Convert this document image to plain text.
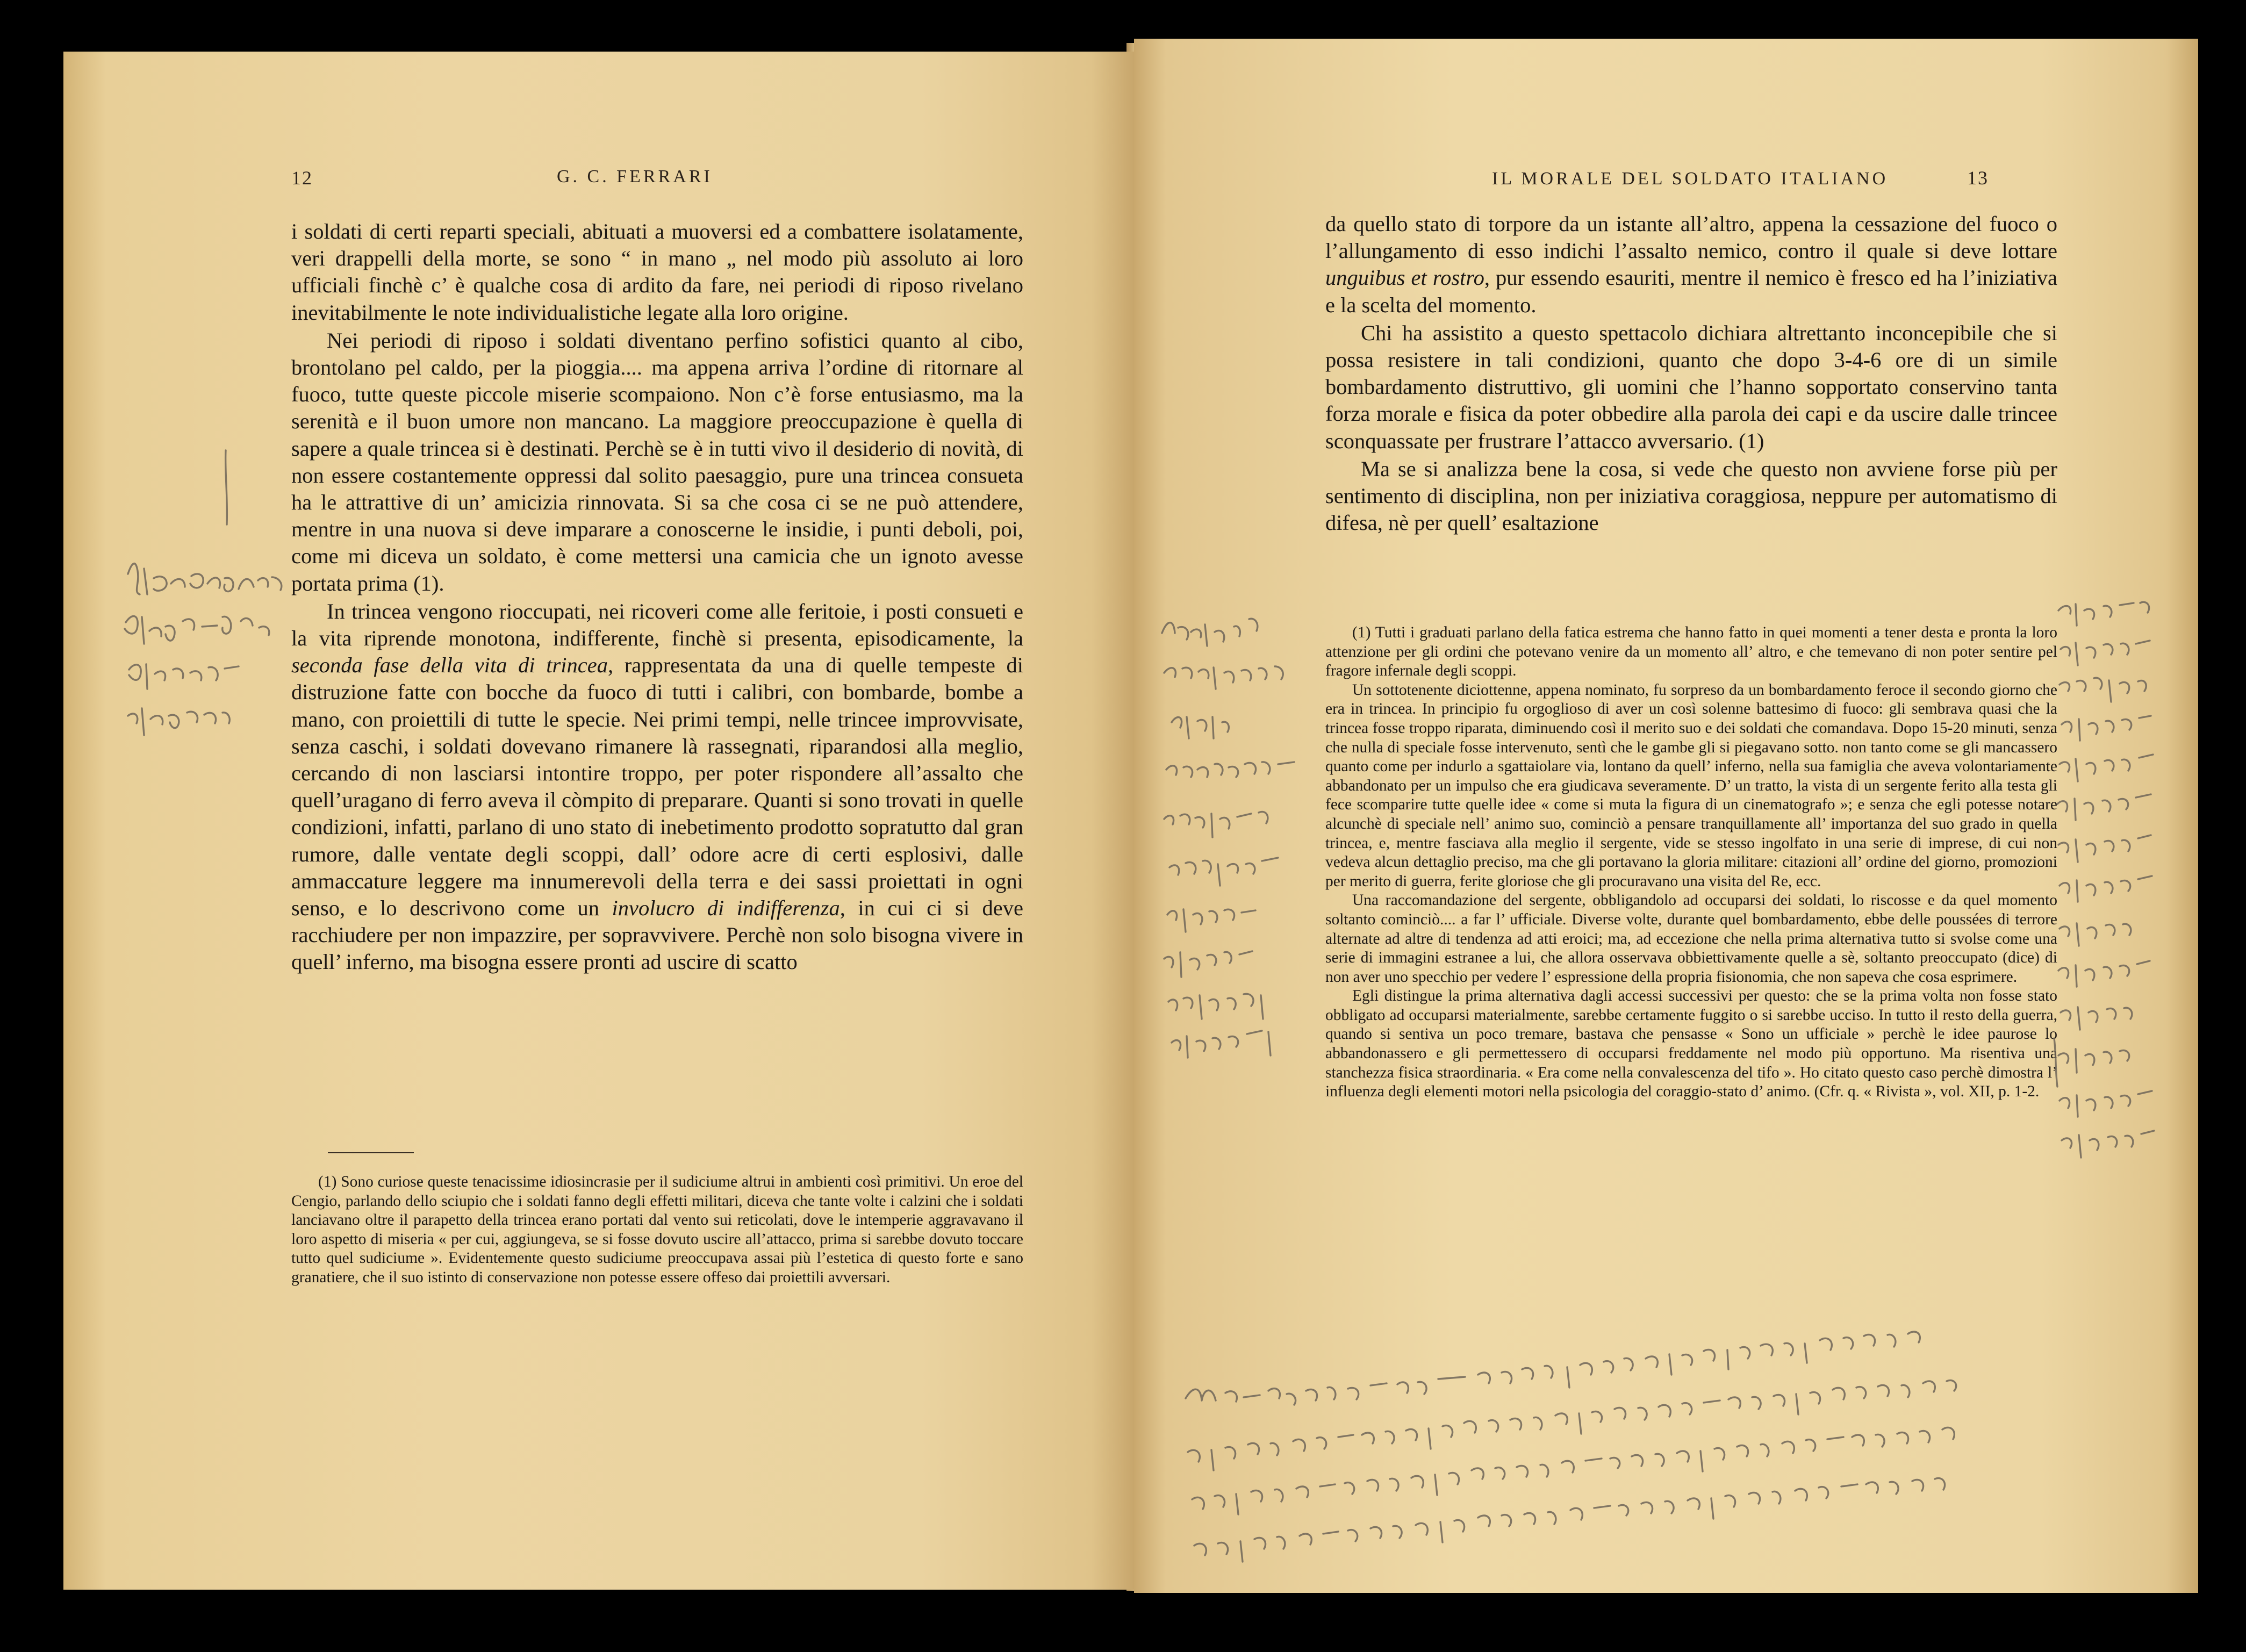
12	G. C. FERRARI

i soldati di certi reparti speciali, abituati a muoversi ed a combattere isolatamente, veri drappelli della morte, se sono “ in mano „ nel modo più assoluto ai loro ufficiali finchè c’ è qualche cosa di ardito da fare, nei periodi di riposo rivelano inevitabilmente le note individualistiche legate alla loro origine.

Nei periodi di riposo i soldati diventano perfino sofistici quanto al cibo, brontolano pel caldo, per la pioggia.... ma appena arriva l’ordine di ritornare al fuoco, tutte queste piccole miserie scompaiono. Non c’è forse entusiasmo, ma la serenità e il buon umore non mancano. La maggiore preoccupazione è quella di sapere a quale trincea si è destinati. Perchè se è in tutti vivo il desiderio di novità, di non essere costantemente oppressi dal solito paesaggio, pure una trincea consueta ha le attrattive di un’ amicizia rinnovata. Si sa che cosa ci se ne può attendere, mentre in una nuova si deve imparare a conoscerne le insidie, i punti deboli, poi, come mi diceva un soldato, è come mettersi una camicia che un ignoto avesse portata prima (1).

In trincea vengono rioccupati, nei ricoveri come alle feritoie, i posti consueti e la vita riprende monotona, indifferente, finchè si presenta, episodicamente, la seconda fase della vita di trincea, rappresentata da una di quelle tempeste di distruzione fatte con bocche da fuoco di tutti i calibri, con bombarde, bombe a mano, con proiettili di tutte le specie. Nei primi tempi, nelle trincee improvvisate, senza caschi, i soldati dovevano rimanere là rassegnati, riparandosi alla meglio, cercando di non lasciarsi intontire troppo, per poter rispondere all’assalto che quell’uragano di ferro aveva il còmpito di preparare. Quanti si sono trovati in quelle condizioni, infatti, parlano di uno stato di inebetimento prodotto sopratutto dal gran rumore, dalle ventate degli scoppi, dall’ odore acre di certi esplosivi, dalle ammaccature leggere ma innumerevoli della terra e dei sassi proiettati in ogni senso, e lo descrivono come un involucro di indifferenza, in cui ci si deve racchiudere per non impazzire, per sopravvivere. Perchè non solo bisogna vivere in quell’ inferno, ma bisogna essere pronti ad uscire di scatto

(1) Sono curiose queste tenacissime idiosincrasie per il sudiciume altrui in ambienti così primitivi. Un eroe del Cengio, parlando dello sciupio che i soldati fanno degli effetti militari, diceva che tante volte i calzini che i soldati lanciavano oltre il parapetto della trincea erano portati dal vento sui reticolati, dove le intemperie aggravavano il loro aspetto di miseria « per cui, aggiungeva, se si fosse dovuto uscire all’attacco, prima si sarebbe dovuto toccare tutto quel sudiciume ». Evidentemente questo sudiciume preoccupava assai più l’estetica di questo forte e sano granatiere, che il suo istinto di conservazione non potesse essere offeso dai proiettili avversari.

IL MORALE DEL SOLDATO ITALIANO	13

da quello stato di torpore da un istante all’altro, appena la cessazione del fuoco o l’allungamento di esso indichi l’assalto nemico, contro il quale si deve lottare unguibus et rostro, pur essendo esauriti, mentre il nemico è fresco ed ha l’iniziativa e la scelta del momento.

Chi ha assistito a questo spettacolo dichiara altrettanto inconcepibile che si possa resistere in tali condizioni, quanto che dopo 3-4-6 ore di un simile bombardamento distruttivo, gli uomini che l’hanno sopportato conservino tanta forza morale e fisica da poter obbedire alla parola dei capi e da uscire dalle trincee sconquassate per frustrare l’attacco avversario. (1)

Ma se si analizza bene la cosa, si vede che questo non avviene forse più per sentimento di disciplina, non per iniziativa coraggiosa, neppure per automatismo di difesa, nè per quell’ esaltazione

(1) Tutti i graduati parlano della fatica estrema che hanno fatto in quei momenti a tener desta e pronta la loro attenzione per gli ordini che potevano venire da un momento all’ altro, e che temevano di non poter sentire pel fragore infernale degli scoppi.

Un sottotenente diciottenne, appena nominato, fu sorpreso da un bombardamento feroce il secondo giorno che era in trincea. In principio fu orgoglioso di aver un così solenne battesimo di fuoco: gli sembrava quasi che la trincea fosse troppo riparata, diminuendo così il merito suo e dei soldati che comandava. Dopo 15-20 minuti, senza che nulla di speciale fosse intervenuto, sentì che le gambe gli si piegavano sotto. non tanto come se gli mancassero quanto come per indurlo a sgattaiolare via, lontano da quell’ inferno, nella sua famiglia che aveva volontariamente abbandonato per un impulso che era giudicava severamente. D’ un tratto, la vista di un sergente ferito alla testa gli fece scomparire tutte quelle idee « come si muta la figura di un cinematografo »; e senza che egli potesse notare alcunchè di speciale nell’ animo suo, cominciò a pensare tranquillamente all’ importanza del suo grado in quella trincea, e, mentre fasciava alla meglio il sergente, vide se stesso ingolfato in una serie di imprese, di cui non vedeva alcun dettaglio preciso, ma che gli portavano la gloria militare: citazioni all’ ordine del giorno, promozioni per merito di guerra, ferite gloriose che gli procuravano una visita del Re, ecc.

Una raccomandazione del sergente, obbligandolo ad occuparsi dei soldati, lo riscosse e da quel momento soltanto cominciò.... a far l’ ufficiale. Diverse volte, durante quel bombardamento, ebbe delle poussées di terrore alternate ad altre di tendenza ad atti eroici; ma, ad eccezione che nella prima alternativa tutto si svolse come una serie di immagini estranee a lui, che allora osservava obbiettivamente quelle a sè, soltanto preoccupato (dice) di non aver uno specchio per vedere l’ espressione della propria fisionomia, che non sapeva che cosa esprimere.

Egli distingue la prima alternativa dagli accessi successivi per questo: che se la prima volta non fosse stato obbligato ad occuparsi materialmente, sarebbe certamente fuggito o si sarebbe ucciso. In tutto il resto della guerra, quando si sentiva un poco tremare, bastava che pensasse « Sono un ufficiale » perchè le idee paurose lo abbandonassero e gli permettessero di occuparsi freddamente nel modo più opportuno. Ma risentiva una stanchezza fisica straordinaria. « Era come nella convalescenza del tifo ». Ho citato questo caso perchè dimostra l’ influenza degli elementi motori nella psicologia del coraggio-stato d’ animo. (Cfr. q. « Rivista », vol. XII, p. 1-2.
